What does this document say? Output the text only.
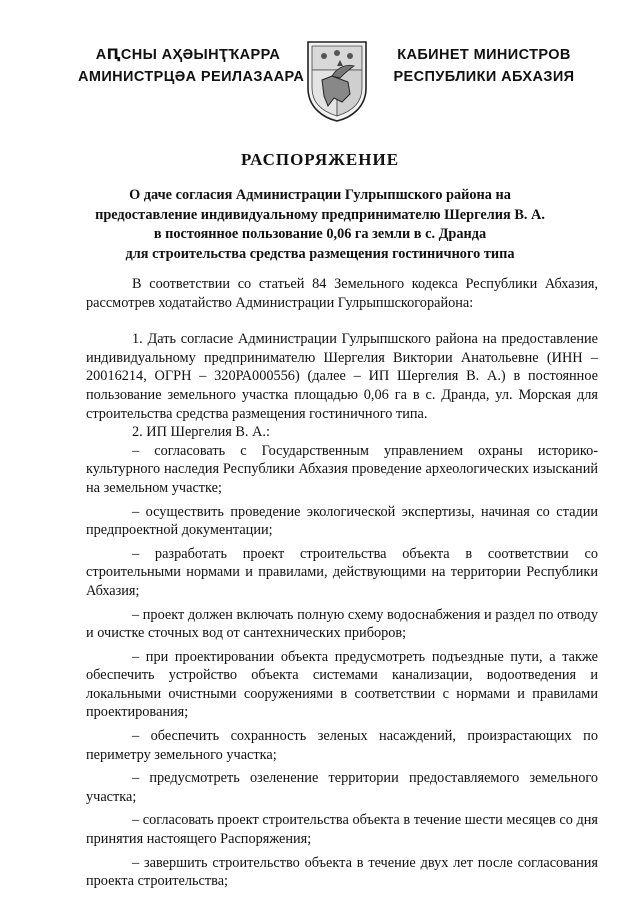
АԤСНЫ АҲӘЫНҬҠАРРА
АМИНИСТРЦӘА РЕИЛАЗААРА
КАБИНЕТ МИНИСТРОВ
РЕСПУБЛИКИ АБХАЗИЯ
РАСПОРЯЖЕНИЕ
О даче согласия Администрации Гулрыпшского района на
предоставление индивидуальному предпринимателю Шергелия В. А.
в постоянное пользование 0,06 га земли в с. Дранда
для строительства средства размещения гостиничного типа

В соответствии со статьей 84 Земельного кодекса Республики Абхазия, рассмотрев ходатайство Администрации Гулрыпшскогорайона:

1. Дать согласие Администрации Гулрыпшского района на предоставление индивидуальному предпринимателю Шергелия Виктории Анатольевне (ИНН – 20016214, ОГРН – 320РА000556) (далее – ИП Шергелия В. А.) в постоянное пользование земельного участка площадью 0,06 га в с. Дранда, ул. Морская для строительства средства размещения гостиничного типа.

2. ИП Шергелия В. А.:

– согласовать с Государственным управлением охраны историко-культурного наследия Республики Абхазия проведение археологических изысканий на земельном участке;

– осуществить проведение экологической экспертизы, начиная со стадии предпроектной документации;

– разработать проект строительства объекта в соответствии со строительными нормами и правилами, действующими на территории Республики Абхазия;

– проект должен включать полную схему водоснабжения и раздел по отводу и очистке сточных вод от сантехнических приборов;

– при проектировании объекта предусмотреть подъездные пути, а также обеспечить устройство объекта системами канализации, водоотведения и локальными очистными сооружениями в соответствии с нормами и правилами проектирования;

– обеспечить сохранность зеленых насаждений, произрастающих по периметру земельного участка;

– предусмотреть озеленение территории предоставляемого земельного участка;

– согласовать проект строительства объекта в течение шести месяцев со дня принятия настоящего Распоряжения;

– завершить строительство объекта в течение двух лет после согласования проекта строительства;
